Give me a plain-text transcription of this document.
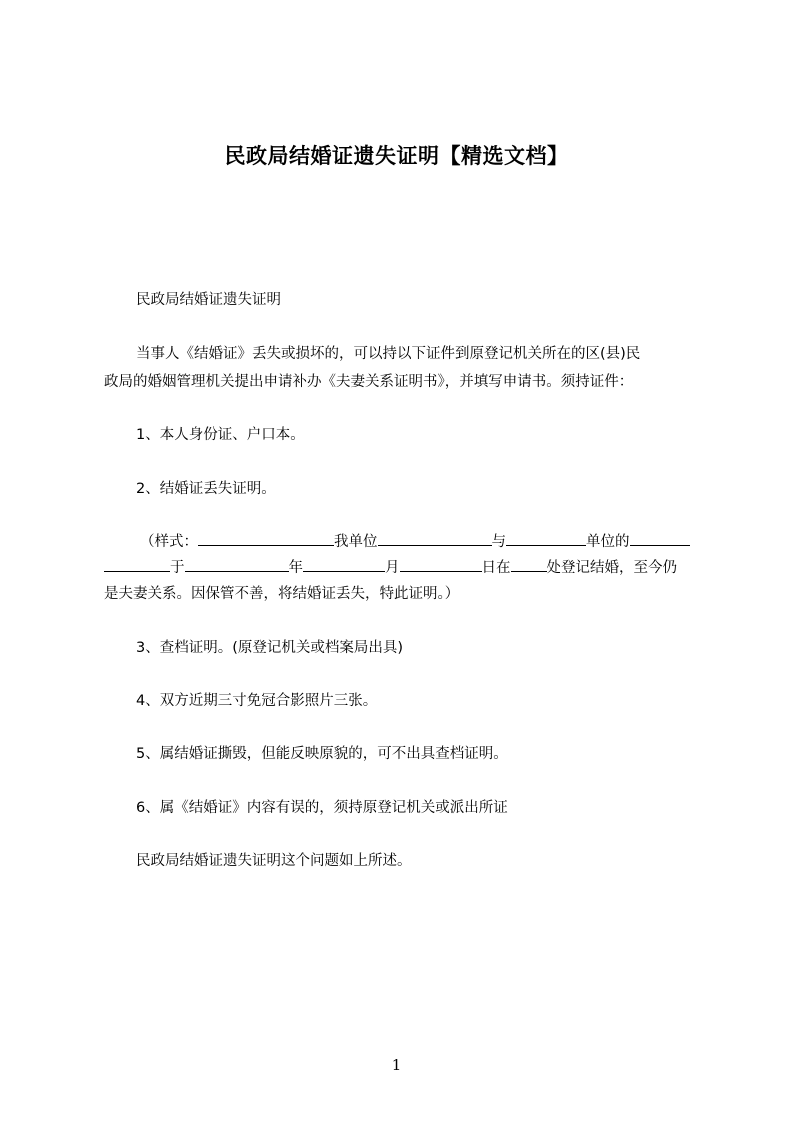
民政局结婚证遗失证明【精选文档】
民政局结婚证遗失证明
当事人《结婚证》丢失或损坏的，可以持以下证件到原登记机关所在的区(县)民
政局的婚姻管理机关提出申请补办《夫妻关系证明书》，并填写申请书。须持证件：
1、本人身份证、户口本。
2、结婚证丢失证明。
（样式：	我单位	与	单位的
于	年	月	日在 处登记结婚，至今仍
是夫妻关系。因保管不善，将结婚证丢失，特此证明。）
3、查档证明。(原登记机关或档案局出具)
4、双方近期三寸免冠合影照片三张。
5、属结婚证撕毁，但能反映原貌的，可不出具查档证明。
6、属《结婚证》内容有误的，须持原登记机关或派出所证
民政局结婚证遗失证明这个问题如上所述。
1
